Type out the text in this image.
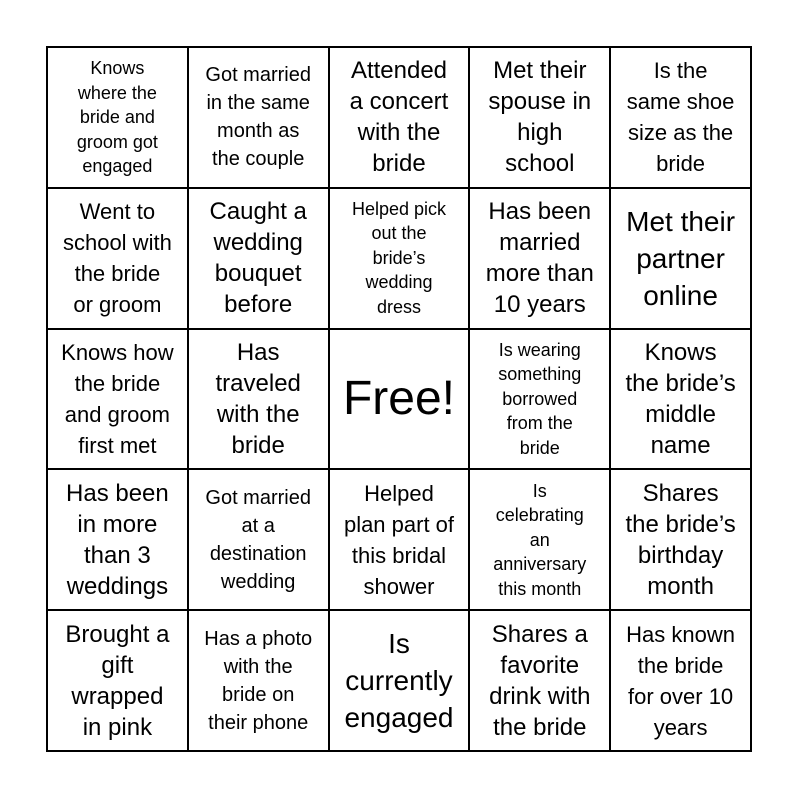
Knows
where the
bride and
groom got
engaged
Got married
in the same
month as
the couple
Attended
a concert
with the
bride
Met their
spouse in
high
school
Is the
same shoe
size as the
bride
Went to
school with
the bride
or groom
Caught a
wedding
bouquet
before
Helped pick
out the
bride’s
wedding
dress
Has been
married
more than
10 years
Met their
partner
online
Knows how
the bride
and groom
first met
Has
traveled
with the
bride
Free!
Is wearing
something
borrowed
from the
bride
Knows
the bride’s
middle
name
Has been
in more
than 3
weddings
Got married
at a
destination
wedding
Helped
plan part of
this bridal
shower
Is
celebrating
an
anniversary
this month
Shares
the bride’s
birthday
month
Brought a
gift
wrapped
in pink
Has a photo
with the
bride on
their phone
Is
currently
engaged
Shares a
favorite
drink with
the bride
Has known
the bride
for over 10
years
